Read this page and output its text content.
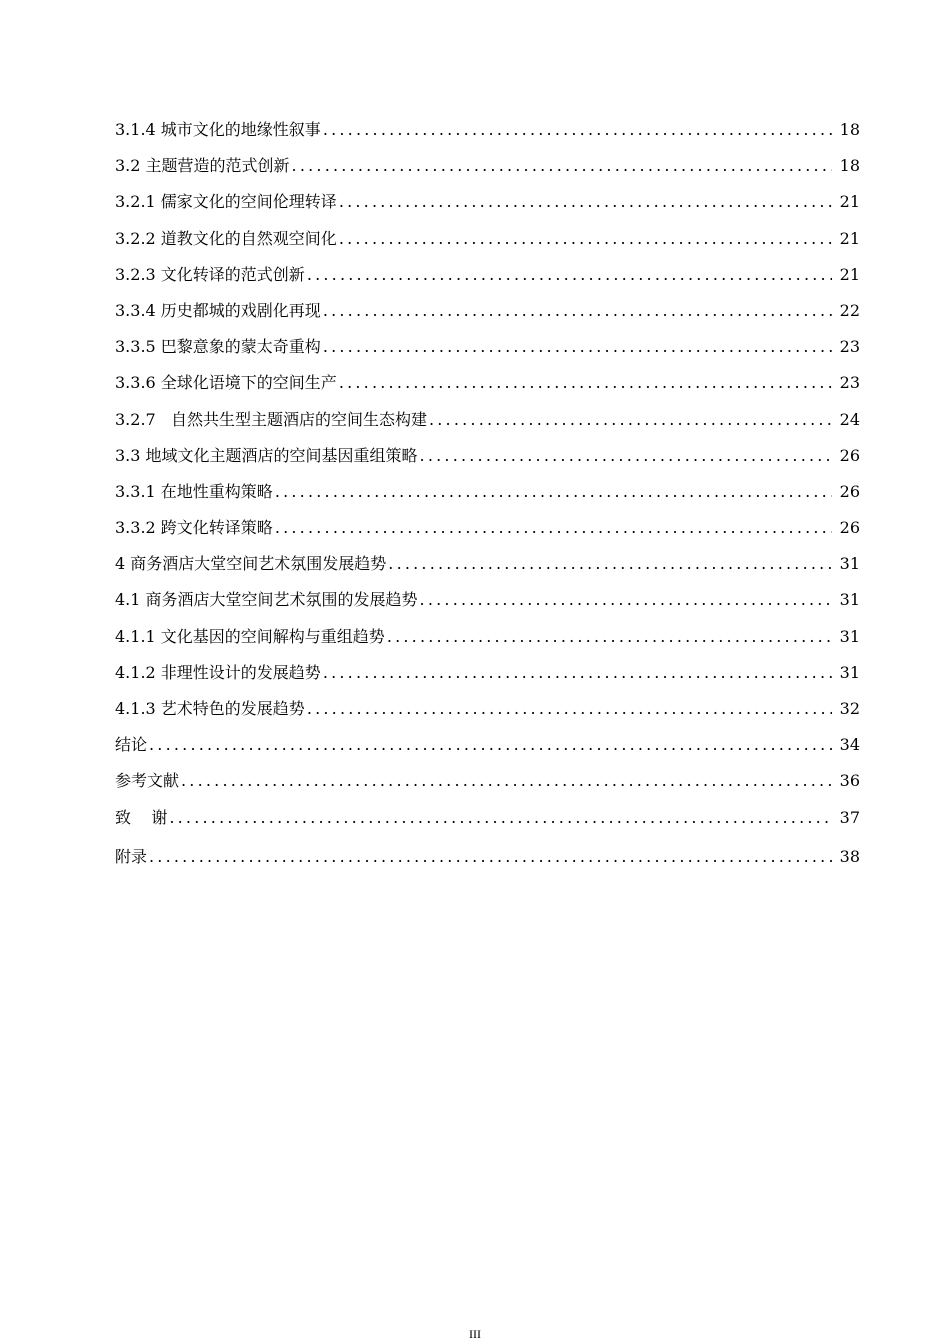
3.1.4 城市文化的地缘性叙事 .....	18
3.2 主题营造的范式创新 .....	18
3.2.1 儒家文化的空间伦理转译 .....	21
3.2.2 道教文化的自然观空间化 .....	21
3.2.3 文化转译的范式创新 .....	21
3.3.4 历史都城的戏剧化再现 .....	22
3.3.5 巴黎意象的蒙太奇重构 .....	23
3.3.6 全球化语境下的空间生产 .....	23
3.2.7   自然共生型主题酒店的空间生态构建 .....	24
3.3 地域文化主题酒店的空间基因重组策略 .....	26
3.3.1 在地性重构策略 .....	26
3.3.2 跨文化转译策略 .....	26
4 商务酒店大堂空间艺术氛围发展趋势 .....	31
4.1 商务酒店大堂空间艺术氛围的发展趋势 .....	31
4.1.1 文化基因的空间解构与重组趋势 .....	31
4.1.2 非理性设计的发展趋势 .....	31
4.1.3 艺术特色的发展趋势 .....	32
结论 .....	34
参考文献 .....	36
致    谢 .....	37
附录 .....	38
III
